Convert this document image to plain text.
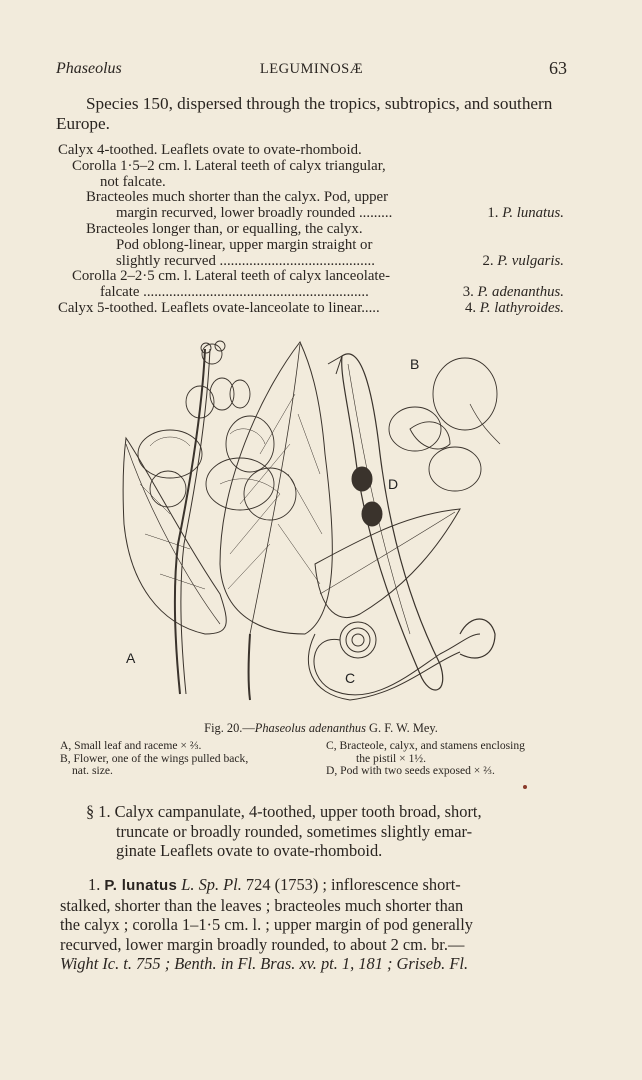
Phaseolus	LEGUMINOSÆ	63
Species 150, dispersed through the tropics, subtropics, and southern Europe.
Calyx 4-toothed. Leaflets ovate to ovate-rhomboid.
Corolla 1·5–2 cm. l. Lateral teeth of calyx triangular,
not falcate.
Bracteoles much shorter than the calyx. Pod, upper
margin recurved, lower broadly rounded .........	1. P. lunatus.
Bracteoles longer than, or equalling, the calyx.
Pod oblong-linear, upper margin straight or
slightly recurved ..........................................	2. P. vulgaris.
Corolla 2–2·5 cm. l. Lateral teeth of calyx lanceolate-
falcate .............................................................	3. P. adenanthus.
Calyx 5-toothed. Leaflets ovate-lanceolate to linear.....	4. P. lathyroides.
A
B
C
D
Fig. 20.—Phaseolus adenanthus G. F. W. Mey.
A, Small leaf and raceme × ⅔.
B, Flower, one of the wings pulled back,
nat. size.
C, Bracteole, calyx, and stamens enclosing
the pistil × 1½.
D, Pod with two seeds exposed × ⅔.
§ 1. Calyx campanulate, 4-toothed, upper tooth broad, short,
truncate or broadly rounded, sometimes slightly emar-
ginate Leaflets ovate to ovate-rhomboid.
1. P. lunatus L. Sp. Pl. 724 (1753) ; inflorescence short-
stalked, shorter than the leaves ; bracteoles much shorter than
the calyx ; corolla 1–1·5 cm. l. ; upper margin of pod generally
recurved, lower margin broadly rounded, to about 2 cm. br.—
Wight Ic. t. 755 ; Benth. in Fl. Bras. xv. pt. 1, 181 ; Griseb. Fl.
